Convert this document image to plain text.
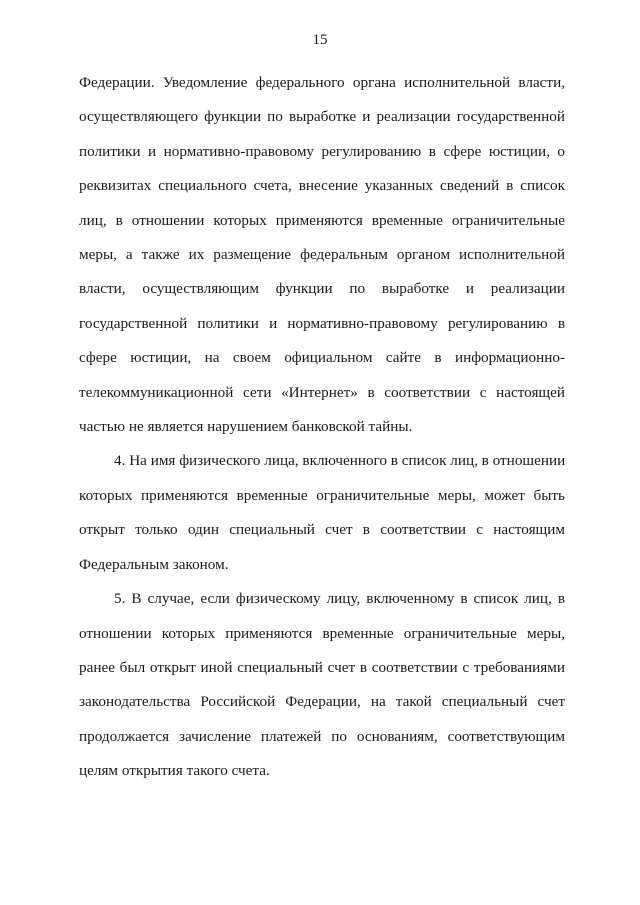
15

Федерации. Уведомление федерального органа исполнительной власти,
осуществляющего функции по выработке и реализации государственной
политики и нормативно-правовому регулированию в сфере юстиции, о
реквизитах специального счета, внесение указанных сведений в список
лиц, в отношении которых применяются временные ограничительные
меры, а также их размещение федеральным органом исполнительной
власти, осуществляющим функции по выработке и реализации
государственной политики и нормативно-правовому регулированию в
сфере юстиции, на своем официальном сайте в информационно-
телекоммуникационной сети «Интернет» в соответствии с настоящей
частью не является нарушением банковской тайны.

4. На имя физического лица, включенного в список лиц, в отношении
которых применяются временные ограничительные меры, может быть
открыт только один специальный счет в соответствии с настоящим
Федеральным законом.

5. В случае, если физическому лицу, включенному в список лиц, в
отношении которых применяются временные ограничительные меры,
ранее был открыт иной специальный счет в соответствии с требованиями
законодательства Российской Федерации, на такой специальный счет
продолжается зачисление платежей по основаниям, соответствующим
целям открытия такого счета.
